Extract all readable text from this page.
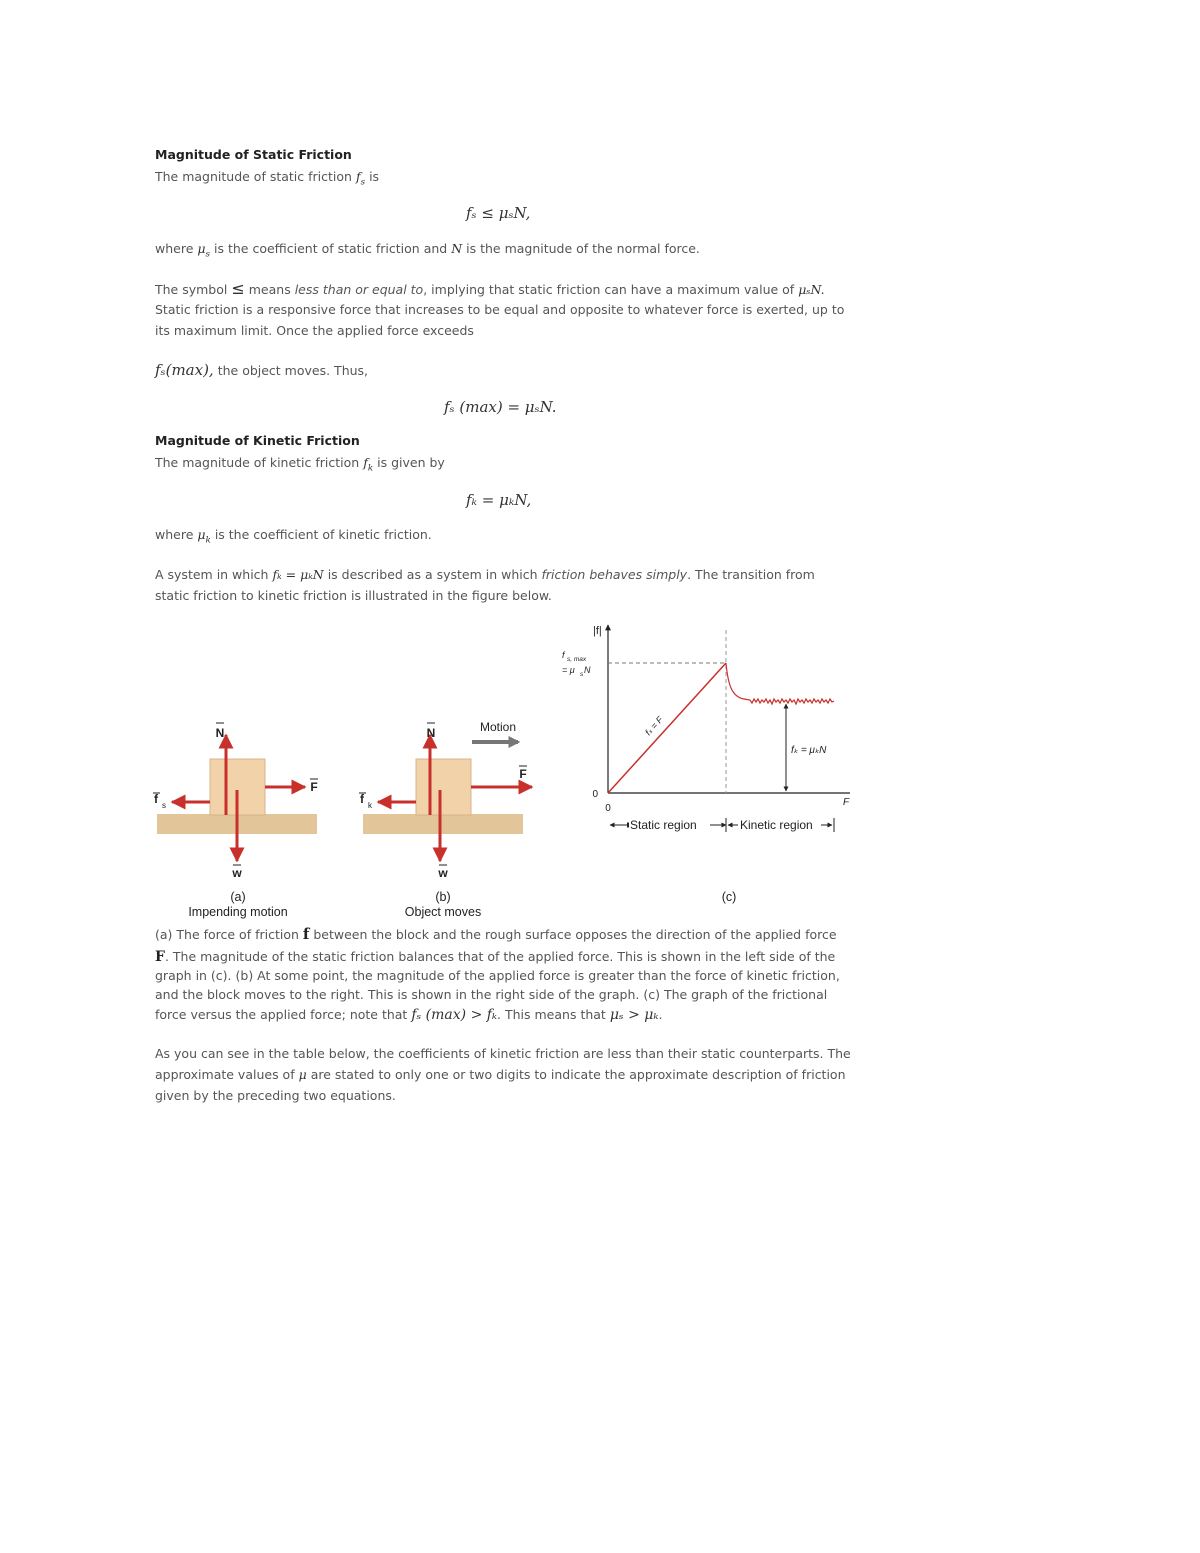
Magnitude of Static Friction
The magnitude of static friction $f_s$ is
fₛ ≤ μₛN,
where $\mu_s$ is the coefficient of static friction and N is the magnitude of the normal force.
The symbol ≤ means less than or equal to, implying that static friction can have a maximum value of μₛN.
Static friction is a responsive force that increases to be equal and opposite to whatever force is exerted, up to
its maximum limit. Once the applied force exceeds
fₛ(max), the object moves. Thus,
fₛ (max) = μₛN.
Magnitude of Kinetic Friction
The magnitude of kinetic friction $f_k$ is given by
fₖ = μₖN,
where $\mu_k$ is the coefficient of kinetic friction.
A system in which fₖ = μₖN is described as a system in which friction behaves simply. The transition from
static friction to kinetic friction is illustrated in the figure below.
N
w
F
f s
Motion
N
w
F
f k
|f|
f s, max
= μ s N
0
0
F
fₛ = F
fₖ = μₖN
Static region	Kinetic region
(a)
Impending motion
(b)
Object moves
(c)
(a) The force of friction f between the block and the rough surface opposes the direction of the applied force
F. The magnitude of the static friction balances that of the applied force. This is shown in the left side of the
graph in (c). (b) At some point, the magnitude of the applied force is greater than the force of kinetic friction,
and the block moves to the right. This is shown in the right side of the graph. (c) The graph of the frictional
force versus the applied force; note that fₛ (max) > fₖ. This means that μₛ > μₖ.
As you can see in the table below, the coefficients of kinetic friction are less than their static counterparts. The
approximate values of μ are stated to only one or two digits to indicate the approximate description of friction
given by the preceding two equations.
